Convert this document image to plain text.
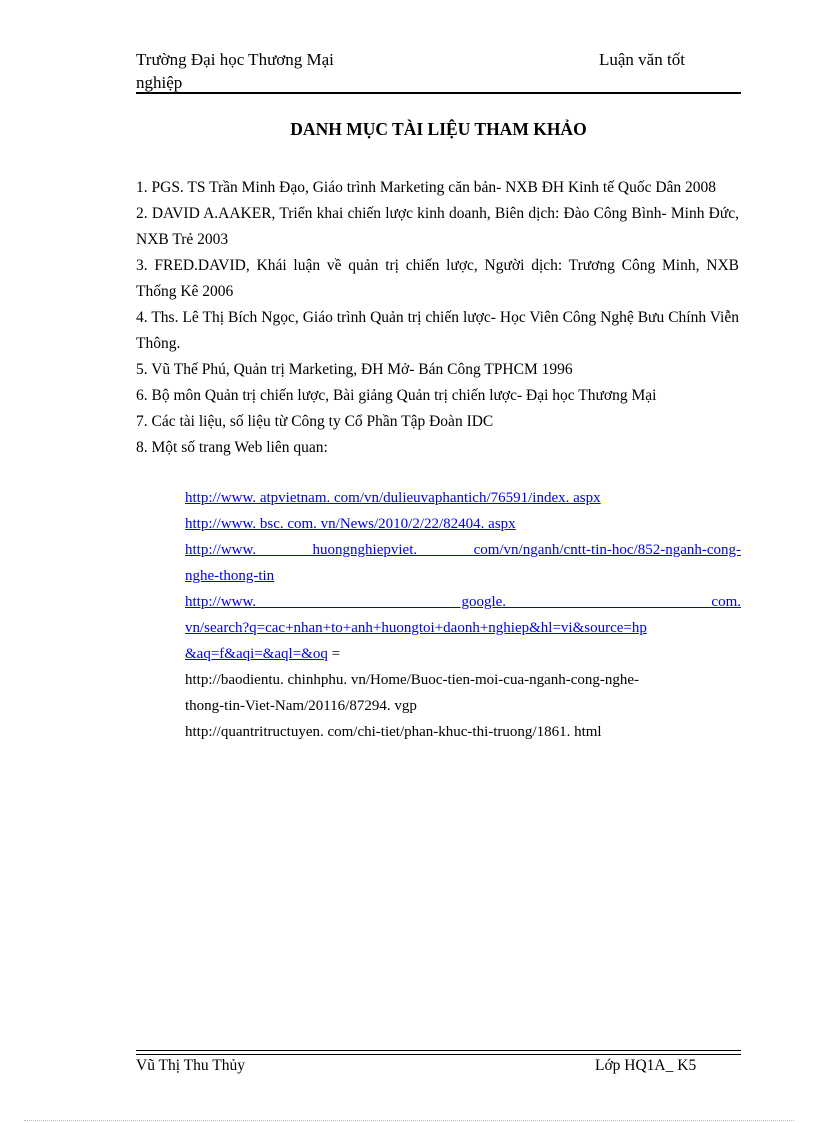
Trường Đại học Thương Mại
nghiệp
Luận văn tốt
DANH MỤC TÀI LIỆU THAM KHẢO
1. PGS. TS Trần Minh Đạo, Giáo trình Marketing căn bản- NXB ĐH Kinh tế Quốc Dân 2008
2. DAVID A.AAKER, Triển khai chiến lược kinh doanh, Biên dịch: Đào Công Bình- Minh Đức, NXB Trẻ 2003
3. FRED.DAVID, Khái luận về quản trị chiến lược, Người dịch: Trương Công Minh, NXB Thống Kê 2006
4. Ths. Lê Thị Bích Ngọc, Giáo trình Quản trị chiến lược- Học Viên Công Nghệ Bưu Chính Viễn Thông.
5. Vũ Thế Phú, Quản trị Marketing, ĐH Mở- Bán Công TPHCM 1996
6. Bộ môn Quản trị chiến lược, Bài giảng Quản trị chiến lược- Đại học Thương Mại
7. Các tài liệu, số liệu từ Công ty Cổ Phần Tập Đoàn IDC
8. Một số trang Web liên quan:
http://www. atpvietnam. com/vn/dulieuvaphantich/76591/index. aspx
http://www. bsc. com. vn/News/2010/2/22/82404. aspx
http://www. huongnghiepviet. com/vn/nganh/cntt-tin-hoc/852-nganh-cong-
nghe-thong-tin
http://www. google. com.
vn/search?q=cac+nhan+to+anh+huongtoi+daonh+nghiep&hl=vi&source=hp
&aq=f&aqi=&aql=&oq =
http://baodientu. chinhphu. vn/Home/Buoc-tien-moi-cua-nganh-cong-nghe-
thong-tin-Viet-Nam/20116/87294. vgp
http://quantritructuyen. com/chi-tiet/phan-khuc-thi-truong/1861. html
Vũ Thị Thu Thủy	Lớp HQ1A_ K5
